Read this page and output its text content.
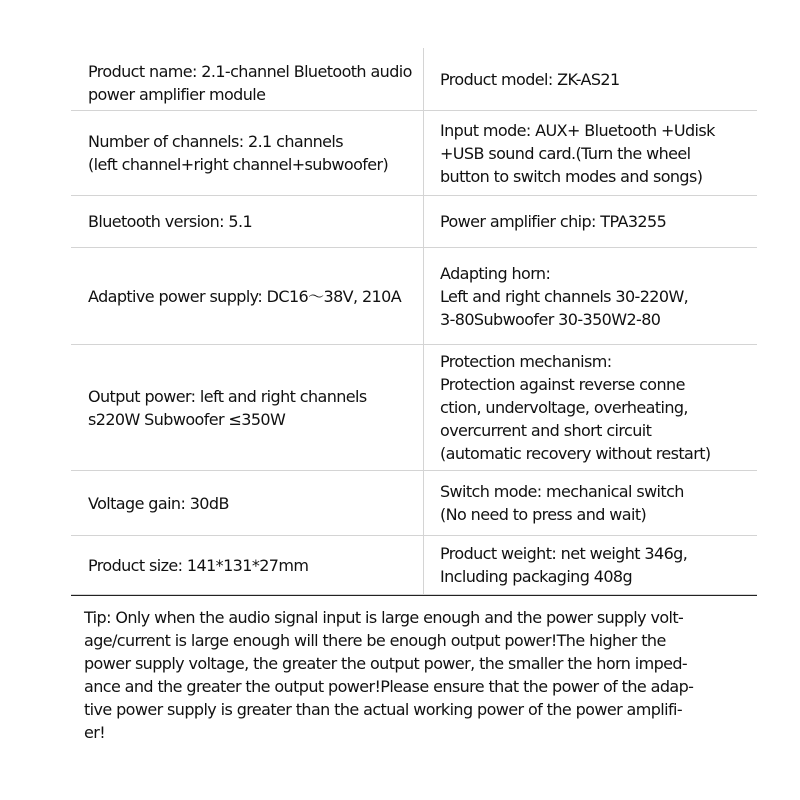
Product name: 2.1-channel Bluetooth audio
power amplifier module
Product model: ZK-AS21
Number of channels: 2.1 channels
(left channel+right channel+subwoofer)
Input mode: AUX+ Bluetooth +Udisk
+USB sound card.(Turn the wheel
button to switch modes and songs)
Bluetooth version: 5.1	Power amplifier chip: TPA3255
Adaptive power supply: DC16～38V, 210A
Adapting horn:
Left and right channels 30-220W,
3-80Subwoofer 30-350W2-80
Output power: left and right channels
s220W Subwoofer ≤350W
Protection mechanism:
Protection against reverse conne
ction, undervoltage, overheating,
overcurrent and short circuit
(automatic recovery without restart)
Voltage gain: 30dB
Switch mode: mechanical switch
(No need to press and wait)
Product size: 141*131*27mm
Product weight: net weight 346g,
Including packaging 408g
Tip: Only when the audio signal input is large enough and the power supply volt-
age/current is large enough will there be enough output power!The higher the
power supply voltage, the greater the output power, the smaller the horn imped-
ance and the greater the output power!Please ensure that the power of the adap-
tive power supply is greater than the actual working power of the power amplifi-
er!
